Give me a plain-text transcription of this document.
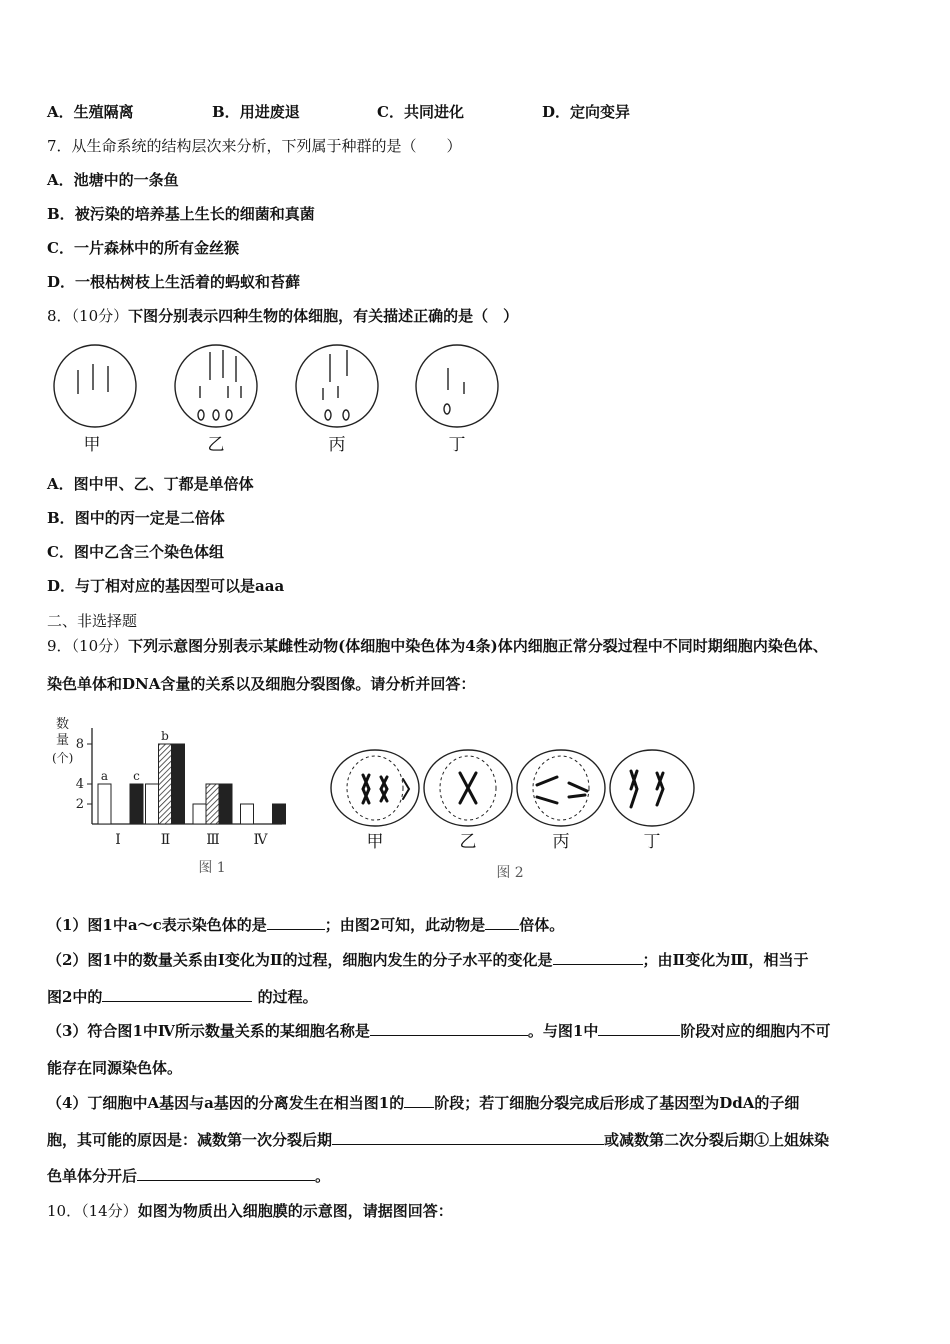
A．生殖隔离	B．用进废退	C．共同进化	D．定向变异
7．从生命系统的结构层次来分析，下列属于种群的是（　　）
A．池塘中的一条鱼
B．被污染的培养基上生长的细菌和真菌
C．一片森林中的所有金丝猴
D．一根枯树枝上生活着的蚂蚁和苔藓
8．（10分）下图分别表示四种生物的体细胞，有关描述正确的是（　）
甲	乙	丙	丁
A．图中甲、乙、丁都是单倍体
B．图中的丙一定是二倍体
C．图中乙含三个染色体组
D．与丁相对应的基因型可以是aaa
二、非选择题
9．（10分）下列示意图分别表示某雌性动物(体细胞中染色体为4条)体内细胞正常分裂过程中不同时期细胞内染色体、
染色单体和DNA含量的关系以及细胞分裂图像。请分析并回答：
数
量
(个)
2
4
8
a c
Ⅰ
b
Ⅱ	Ⅲ Ⅳ
图 1
甲	乙	丙	丁
图 2
（1）图1中a～c表示染色体的是	；由图2可知，此动物是 倍体。
（2）图1中的数量关系由Ⅰ变化为Ⅱ的过程，细胞内发生的分子水平的变化是	；由Ⅱ变化为Ⅲ，相当于
图2中的	的过程。
（3）符合图1中Ⅳ所示数量关系的某细胞名称是	。与图1中	阶段对应的细胞内不可
能存在同源染色体。
（4）丁细胞中A基因与a基因的分离发生在相当图1的 阶段；若丁细胞分裂完成后形成了基因型为DdA的子细
胞，其可能的原因是：减数第一次分裂后期	或减数第二次分裂后期①上姐妹染
色单体分开后	。
10．（14分）如图为物质出入细胞膜的示意图，请据图回答：
